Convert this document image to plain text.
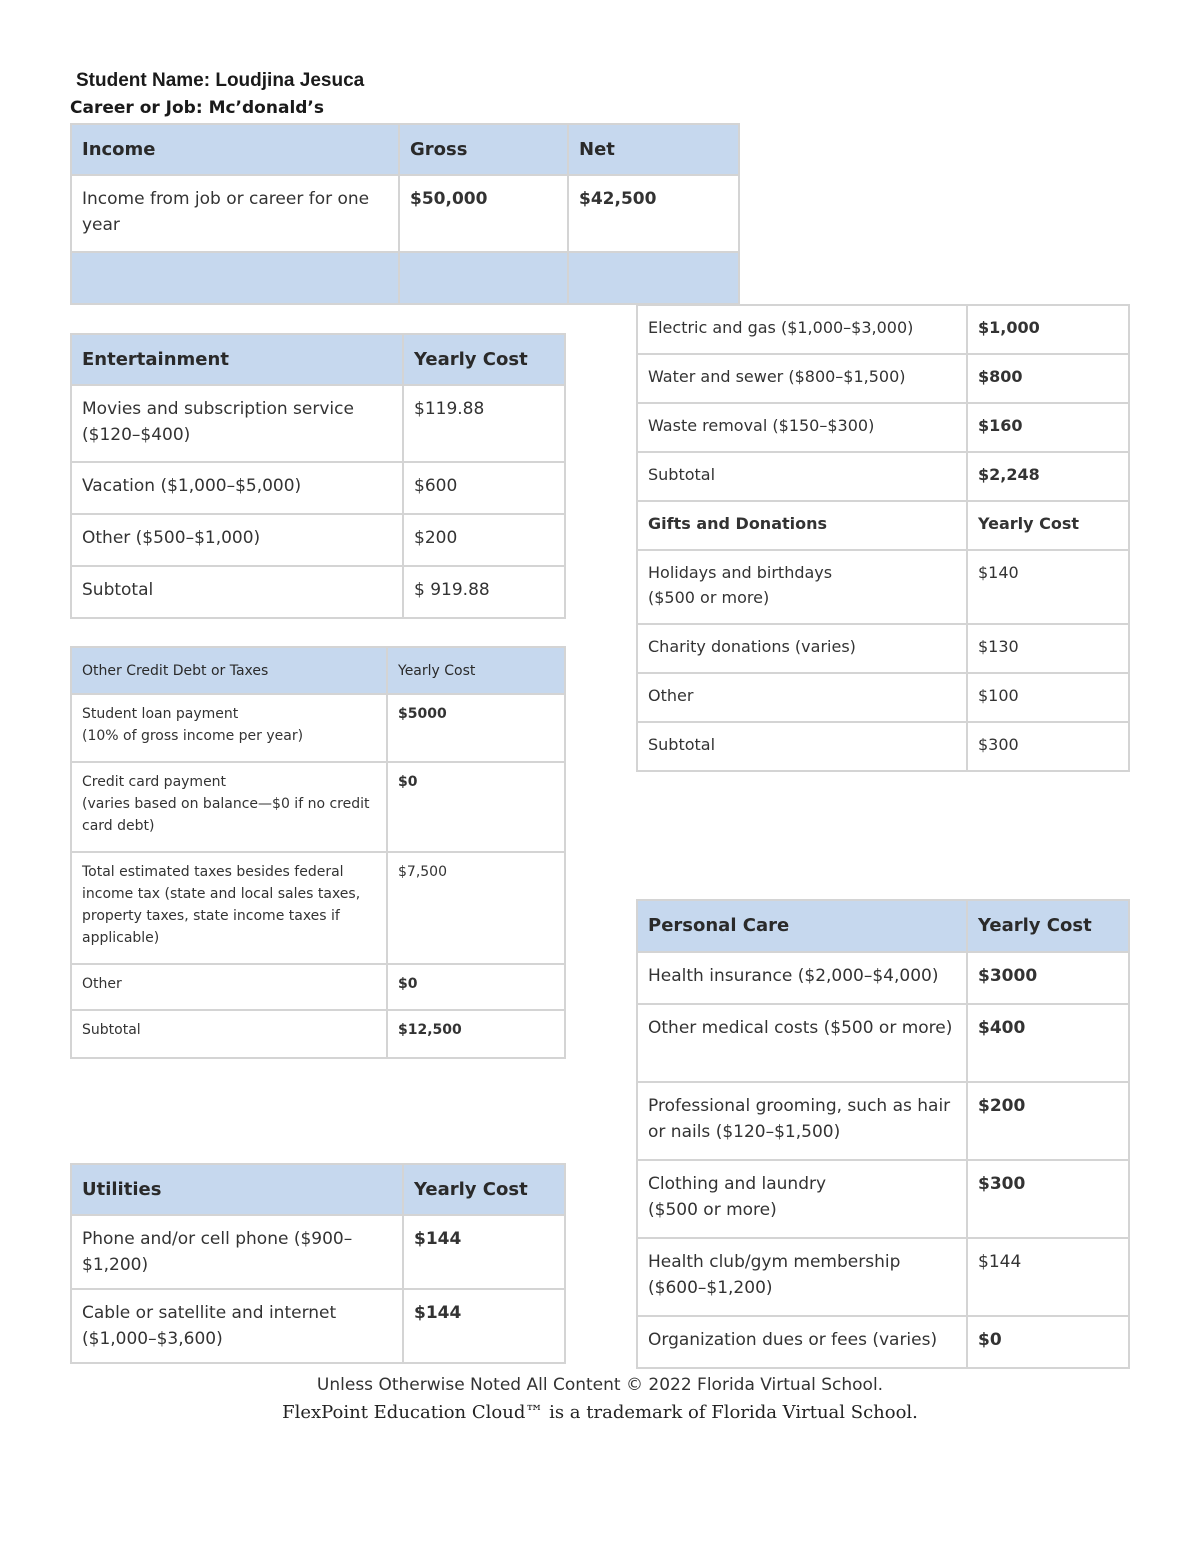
Student Name: Loudjina Jesuca
Career or Job: Mc’donald’s
Income	Gross	Net
Income from job or career for one year	$50,000	$42,500

Entertainment	Yearly Cost
Movies and subscription service ($120–$400)	$119.88
Vacation ($1,000–$5,000)	$600
Other ($500–$1,000)	$200
Subtotal	$ 919.88
Other Credit Debt or Taxes	Yearly Cost
Student loan payment
(10% of gross income per year)	$5000
Credit card payment
(varies based on balance—$0 if no credit card debt)	$0
Total estimated taxes besides federal income tax (state and local sales taxes, property taxes, state income taxes if applicable)	$7,500
Other	$0
Subtotal	$12,500
Utilities	Yearly Cost
Phone and/or cell phone ($900–$1,200)	$144
Cable or satellite and internet ($1,000–$3,600)	$144
Electric and gas ($1,000–$3,000)	$1,000
Water and sewer ($800–$1,500)	$800
Waste removal ($150–$300)	$160
Subtotal	$2,248
Gifts and Donations	Yearly Cost
Holidays and birthdays
($500 or more)	$140
Charity donations (varies)	$130
Other	$100
Subtotal	$300
Personal Care	Yearly Cost
Health insurance ($2,000–$4,000)	$3000
Other medical costs ($500 or more)	$400
Professional grooming, such as hair or nails ($120–$1,500)	$200
Clothing and laundry
($500 or more)	$300
Health club/gym membership
($600–$1,200)	$144
Organization dues or fees (varies)	$0
Unless Otherwise Noted All Content © 2022 Florida Virtual School.
FlexPoint Education Cloud™ is a trademark of Florida Virtual School.
